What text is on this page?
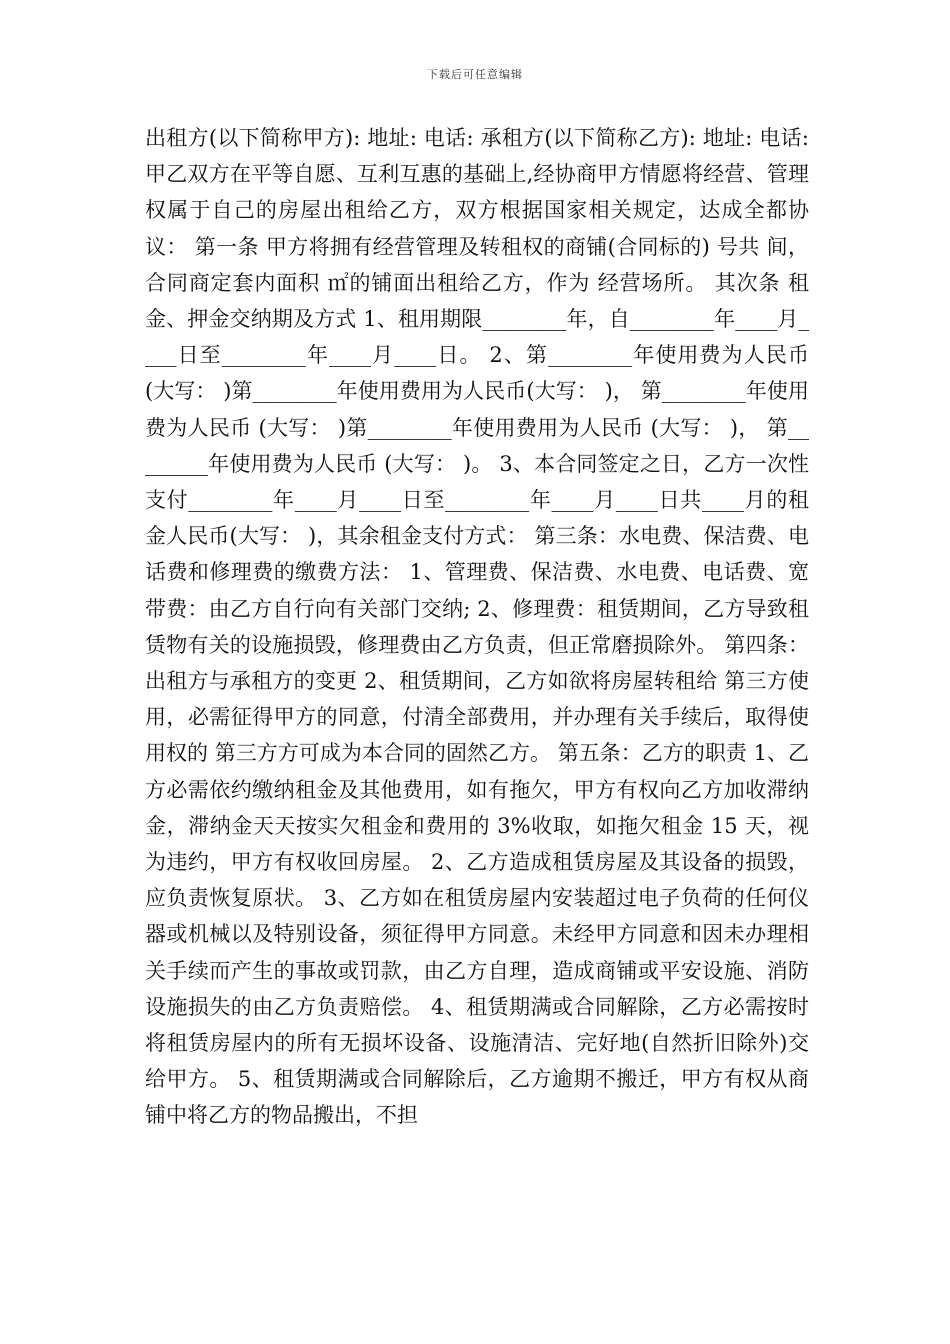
下载后可任意编辑

出租方(以下简称甲方): 地址: 电话: 承租方(以下简称乙方): 地址: 电话: 甲乙双方在平等自愿、互利互惠的基础上,经协商甲方情愿将经营、管理权属于自己的房屋出租给乙方，双方根据国家相关规定，达成全都协议： 第一条 甲方将拥有经营管理及转租权的商铺(合同标的) 号共 间，合同商定套内面积 ㎡的铺面出租给乙方，作为 经营场所。 其次条 租金、押金交纳期及方式 1、租用期限________年，自________年____月____日至________年____月____日。 2、第________年使用费为人民币 (大写： )第________年使用费用为人民币(大写： )， 第________年使用费为人民币 (大写： )第________年使用费用为人民币 (大写： )， 第________年使用费为人民币 (大写： )。 3、本合同签定之日，乙方一次性支付________年____月____日至________年____月____日共____月的租金人民币(大写： )，其余租金支付方式： 第三条：水电费、保洁费、电话费和修理费的缴费方法： 1、管理费、保洁费、水电费、电话费、宽带费：由乙方自行向有关部门交纳; 2、修理费：租赁期间，乙方导致租赁物有关的设施损毁，修理费由乙方负责，但正常磨损除外。 第四条：出租方与承租方的变更 2、租赁期间，乙方如欲将房屋转租给 第三方使用，必需征得甲方的同意，付清全部费用，并办理有关手续后，取得使用权的 第三方方可成为本合同的固然乙方。 第五条：乙方的职责 1、乙方必需依约缴纳租金及其他费用，如有拖欠，甲方有权向乙方加收滞纳金，滞纳金天天按实欠租金和费用的 3%收取，如拖欠租金 15 天，视为违约，甲方有权收回房屋。 2、乙方造成租赁房屋及其设备的损毁，应负责恢复原状。 3、乙方如在租赁房屋内安装超过电子负荷的任何仪器或机械以及特别设备，须征得甲方同意。未经甲方同意和因未办理相关手续而产生的事故或罚款，由乙方自理，造成商铺或平安设施、消防设施损失的由乙方负责赔偿。 4、租赁期满或合同解除，乙方必需按时将租赁房屋内的所有无损坏设备、设施清洁、完好地(自然折旧除外)交给甲方。 5、租赁期满或合同解除后，乙方逾期不搬迁，甲方有权从商铺中将乙方的物品搬出，不担
